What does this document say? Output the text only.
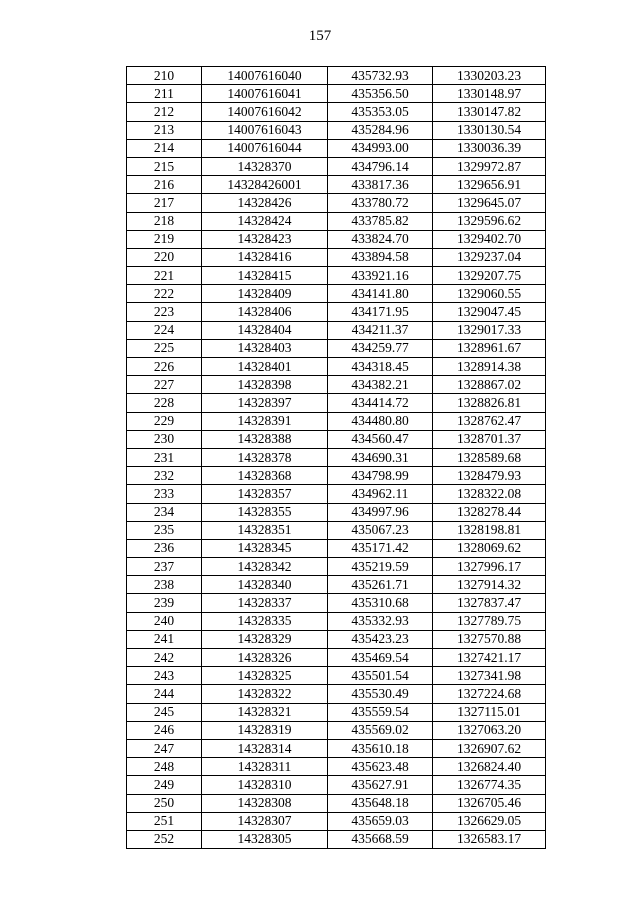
157
210	14007616040	435732.93	1330203.23
211	14007616041	435356.50	1330148.97
212	14007616042	435353.05	1330147.82
213	14007616043	435284.96	1330130.54
214	14007616044	434993.00	1330036.39
215	14328370	434796.14	1329972.87
216	14328426001	433817.36	1329656.91
217	14328426	433780.72	1329645.07
218	14328424	433785.82	1329596.62
219	14328423	433824.70	1329402.70
220	14328416	433894.58	1329237.04
221	14328415	433921.16	1329207.75
222	14328409	434141.80	1329060.55
223	14328406	434171.95	1329047.45
224	14328404	434211.37	1329017.33
225	14328403	434259.77	1328961.67
226	14328401	434318.45	1328914.38
227	14328398	434382.21	1328867.02
228	14328397	434414.72	1328826.81
229	14328391	434480.80	1328762.47
230	14328388	434560.47	1328701.37
231	14328378	434690.31	1328589.68
232	14328368	434798.99	1328479.93
233	14328357	434962.11	1328322.08
234	14328355	434997.96	1328278.44
235	14328351	435067.23	1328198.81
236	14328345	435171.42	1328069.62
237	14328342	435219.59	1327996.17
238	14328340	435261.71	1327914.32
239	14328337	435310.68	1327837.47
240	14328335	435332.93	1327789.75
241	14328329	435423.23	1327570.88
242	14328326	435469.54	1327421.17
243	14328325	435501.54	1327341.98
244	14328322	435530.49	1327224.68
245	14328321	435559.54	1327115.01
246	14328319	435569.02	1327063.20
247	14328314	435610.18	1326907.62
248	14328311	435623.48	1326824.40
249	14328310	435627.91	1326774.35
250	14328308	435648.18	1326705.46
251	14328307	435659.03	1326629.05
252	14328305	435668.59	1326583.17
